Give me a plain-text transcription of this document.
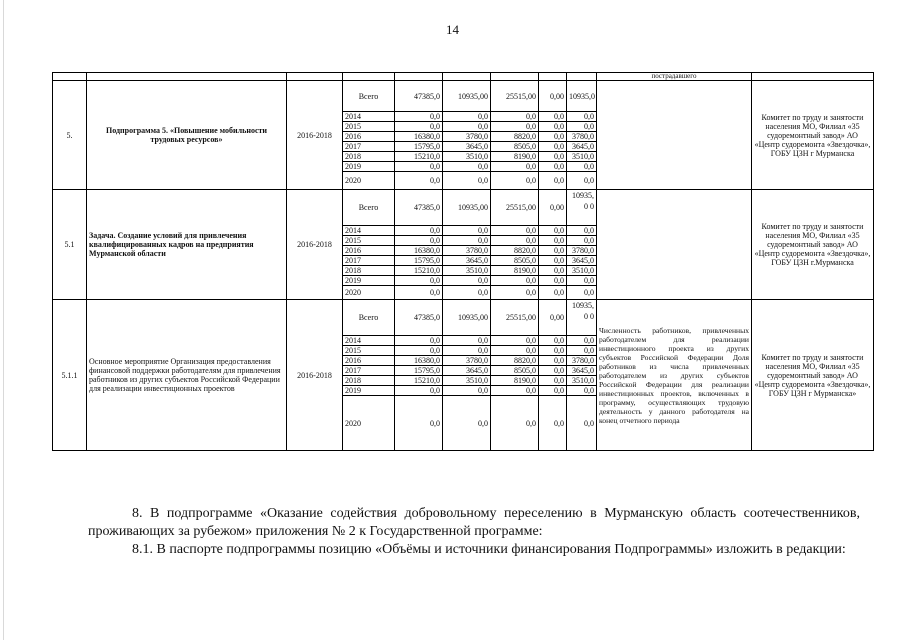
14
									пострадавшего	
5.	Подпрограмма 5. «Повышение мобильности трудовых ресурсов»	2016-2018	Всего	47385,0	10935,00	25515,00	0,00	10935,0		Комитет по труду и занятости населения МО, Филиал «35 судоремонтный завод» АО «Центр судоремонта «Звездочка», ГОБУ ЦЗН г Мурманска
			2014	0,0	0,0	0,0	0,0	0,0		
			2015	0,0	0,0	0,0	0,0	0,0		
			2016	16380,0	3780,0	8820,0	0,0	3780,0		
			2017	15795,0	3645,0	8505,0	0,0	3645,0		
			2018	15210,0	3510,0	8190,0	0,0	3510,0		
			2019	0,0	0,0	0,0	0,0	0,0		
			2020	0,0	0,0	0,0	0,0	0,0		
5.1	Задача. Создание условий для привлечения квалифицированных кадров на предприятия Мурманской области	2016-2018	Всего	47385,0	10935,00	25515,00	0,00	10935,0 0		Комитет по труду и занятости населения МО, Филиал «35 судоремонтный завод» АО «Центр судоремонта «Звездочка», ГОБУ ЦЗН г.Мурманска
			2014	0,0	0,0	0,0	0,0	0,0		
			2015	0,0	0,0	0,0	0,0	0,0		
			2016	16380,0	3780,0	8820,0	0,0	3780,0		
			2017	15795,0	3645,0	8505,0	0,0	3645,0		
			2018	15210,0	3510,0	8190,0	0,0	3510,0		
			2019	0,0	0,0	0,0	0,0	0,0		
			2020	0,0	0,0	0,0	0,0	0,0		
5.1.1	Основное мероприятие Организация предоставления финансовой поддержки работодателям для привлечения работников из других субъектов Российской Федерации для реализации инвестиционных проектов	2016-2018	Всего	47385,0	10935,00	25515,00	0,00	10935,0 0	Численность работников, привлеченных работодателем для реализации инвестиционного проекта из других субъектов Российской Федерации Доля работников из числа привлеченных работодателем из других субъектов Российской Федерации для реализации инвестиционных проектов, включенных в программу, осуществляющих трудовую деятельность у данного работодателя на конец отчетного периода	Комитет по труду и занятости населения МО, Филиал «35 судоремонтный завод» АО «Центр судоремонта «Звездочка», ГОБУ ЦЗН г Мурманска»
			2014	0,0	0,0	0,0	0,0	0,0		
			2015	0,0	0,0	0,0	0,0	0,0		
			2016	16380,0	3780,0	8820,0	0,0	3780,0		
			2017	15795,0	3645,0	8505,0	0,0	3645,0		
			2018	15210,0	3510,0	8190,0	0,0	3510,0		
			2019	0,0	0,0	0,0	0,0	0,0		
			2020	0,0	0,0	0,0	0,0	0,0		
8. В подпрограмме «Оказание содействия добровольному переселению в Мурманскую область соотечественников, проживающих за рубежом» приложения № 2 к Государственной программе:
8.1. В паспорте подпрограммы позицию «Объёмы и источники финансирования Подпрограммы» изложить в редакции:
